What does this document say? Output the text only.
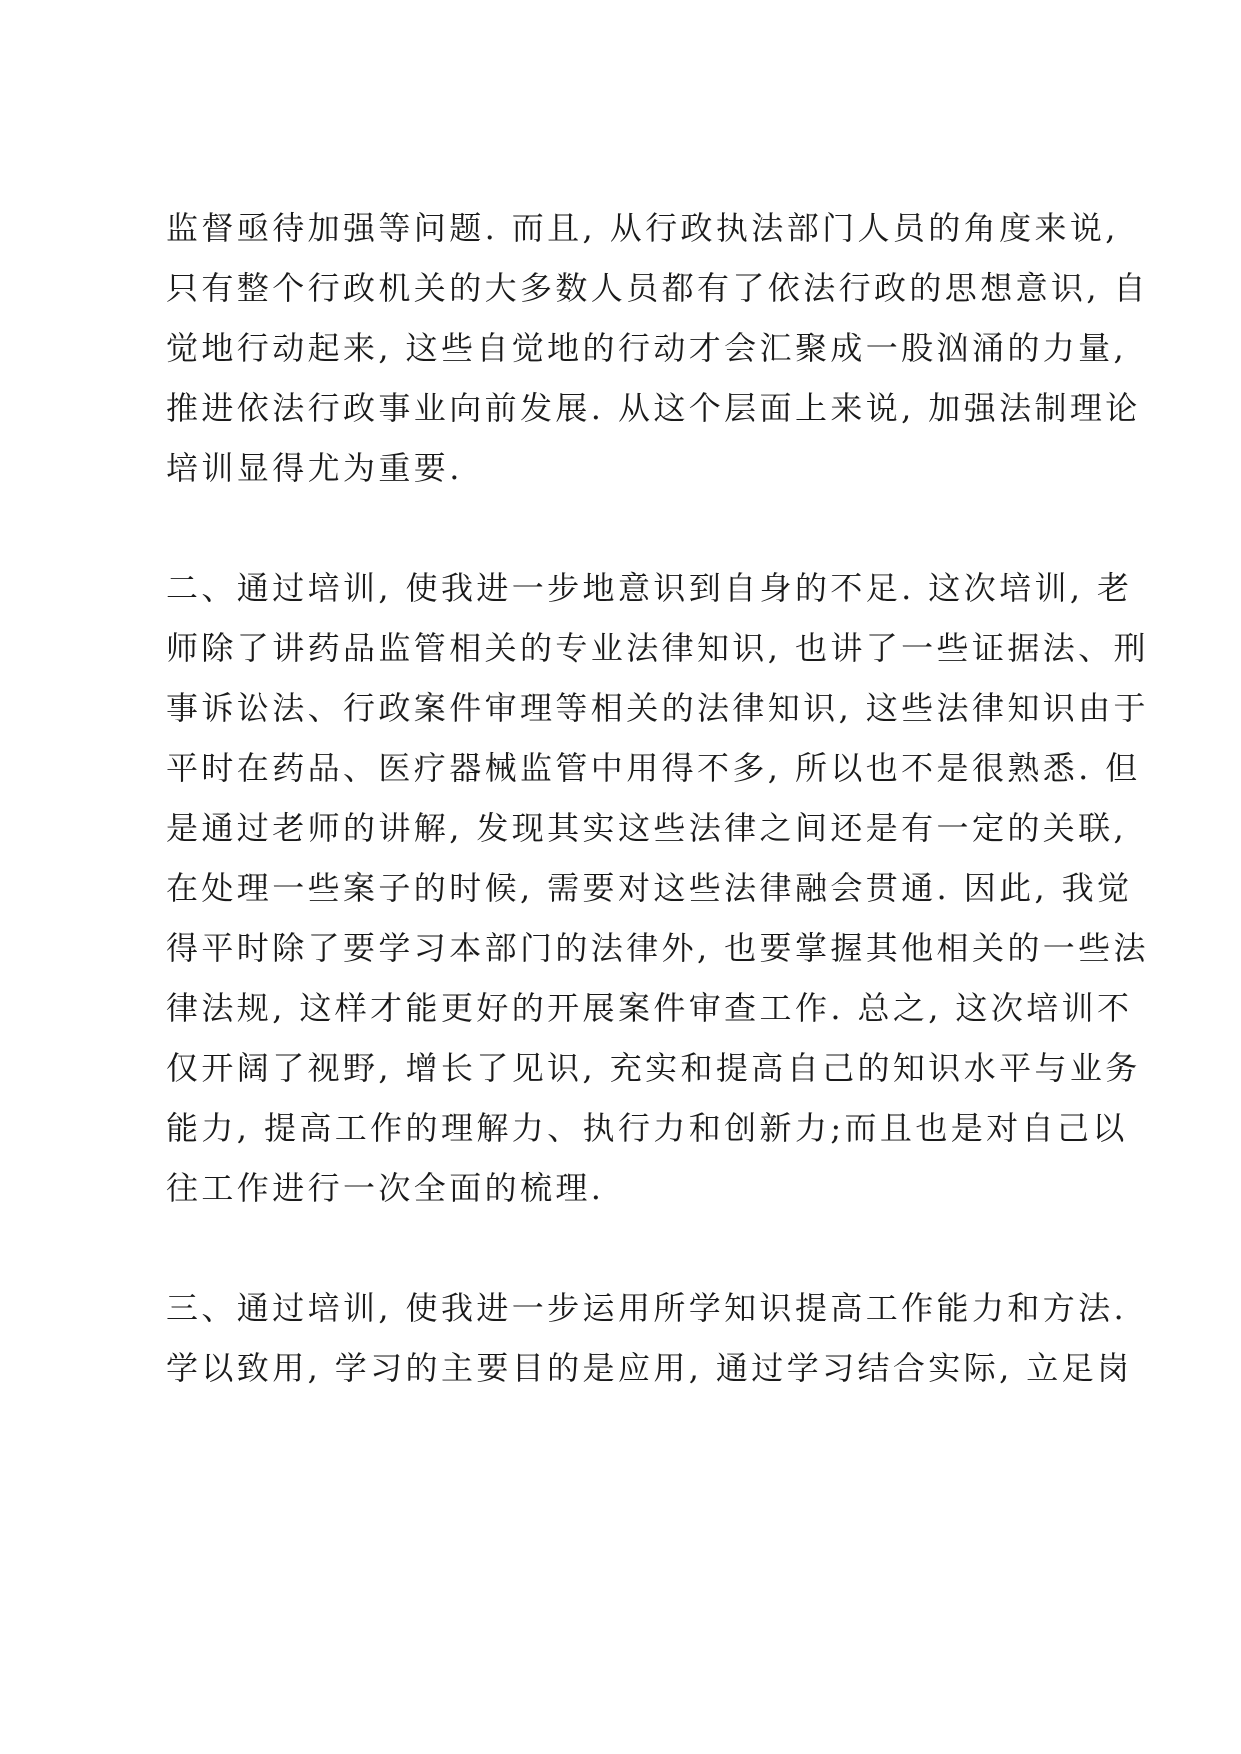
监督亟待加强等问题. 而且, 从行政执法部门人员的角度来说,
只有整个行政机关的大多数人员都有了依法行政的思想意识, 自
觉地行动起来, 这些自觉地的行动才会汇聚成一股汹涌的力量,
推进依法行政事业向前发展. 从这个层面上来说, 加强法制理论
培训显得尤为重要.
二、通过培训, 使我进一步地意识到自身的不足. 这次培训, 老
师除了讲药品监管相关的专业法律知识, 也讲了一些证据法、刑
事诉讼法、行政案件审理等相关的法律知识, 这些法律知识由于
平时在药品、医疗器械监管中用得不多, 所以也不是很熟悉. 但
是通过老师的讲解, 发现其实这些法律之间还是有一定的关联,
在处理一些案子的时候, 需要对这些法律融会贯通. 因此, 我觉
得平时除了要学习本部门的法律外, 也要掌握其他相关的一些法
律法规, 这样才能更好的开展案件审查工作. 总之, 这次培训不
仅开阔了视野, 增长了见识, 充实和提高自己的知识水平与业务
能力, 提高工作的理解力、执行力和创新力;而且也是对自己以
往工作进行一次全面的梳理.
三、通过培训, 使我进一步运用所学知识提高工作能力和方法.
学以致用, 学习的主要目的是应用, 通过学习结合实际, 立足岗
